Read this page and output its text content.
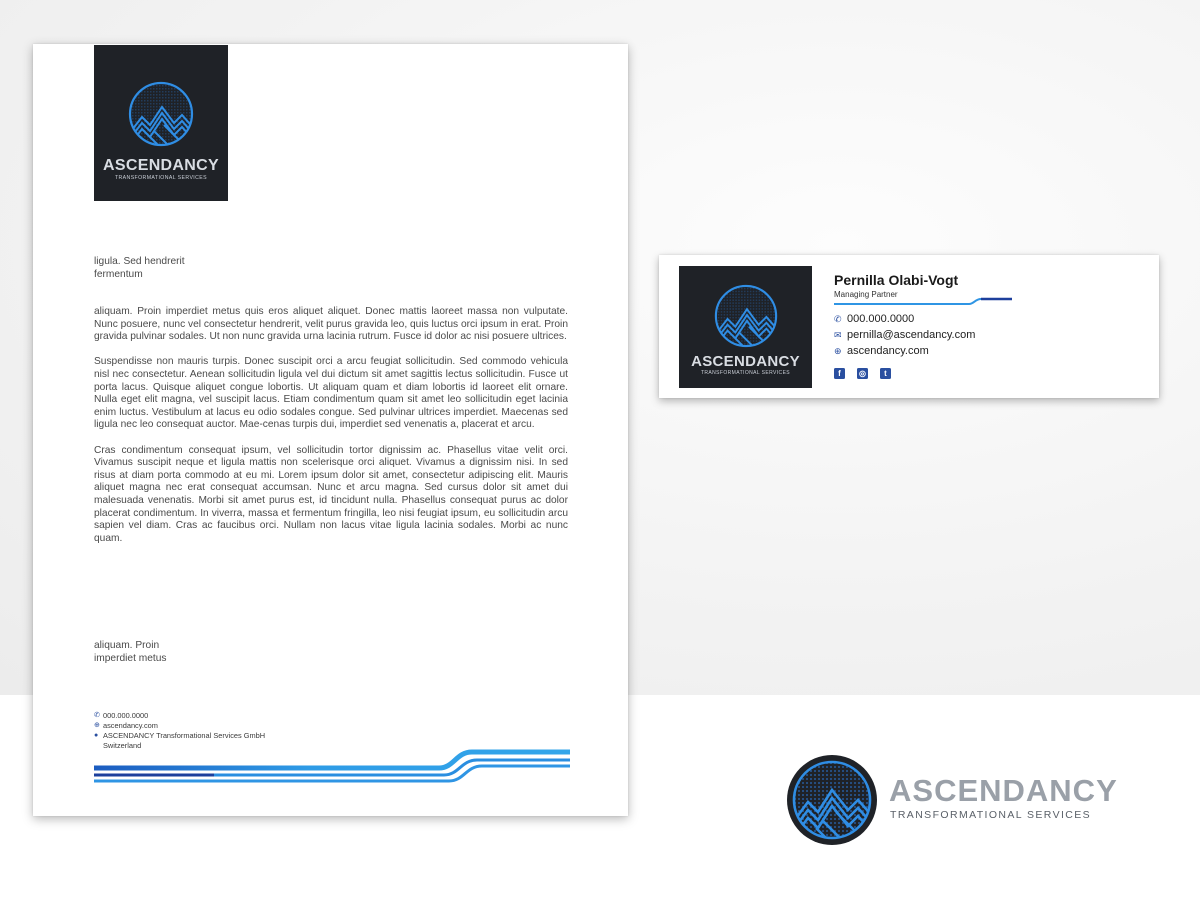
ASCENDANCY
TRANSFORMATIONAL SERVICES
ligula. Sed hendrerit
fermentum

aliquam. Proin imperdiet metus quis eros aliquet aliquet. Donec mattis laoreet massa non vulputate. Nunc posuere, nunc vel consectetur hendrerit, velit purus gravida leo, quis luctus orci ipsum in erat. Proin gravida pulvinar sodales. Ut non nunc gravida urna lacinia rutrum. Fusce id dolor ac nisi posuere ultrices.

Suspendisse non mauris turpis. Donec suscipit orci a arcu feugiat sollicitudin. Sed commodo vehicula nisl nec consectetur. Aenean sollicitudin ligula vel dui dictum sit amet sagittis lectus sollicitudin. Fusce ut porta lacus. Quisque aliquet congue lobortis. Ut aliquam quam et diam lobortis id laoreet elit ornare. Nulla eget elit magna, vel suscipit lacus. Etiam condimentum quam sit amet leo sollicitudin eget lacinia enim luctus. Vestibulum at lacus eu odio sodales congue. Sed pulvinar ultrices imperdiet. Maecenas sed ligula nec leo consequat auctor. Mae-cenas turpis dui, imperdiet sed venenatis a, placerat et arcu.

Cras condimentum consequat ipsum, vel sollicitudin tortor dignissim ac. Phasellus vitae velit orci. Vivamus suscipit neque et ligula mattis non scelerisque orci aliquet. Vivamus a dignissim nisi. In sed risus at diam porta commodo at eu mi. Lorem ipsum dolor sit amet, consectetur adipiscing elit. Mauris aliquet magna nec erat consequat accumsan. Nunc et arcu magna. Sed cursus dolor sit amet dui malesuada venenatis. Morbi sit amet purus est, id tincidunt nulla. Phasellus consequat purus ac dolor placerat condimentum. In viverra, massa et fermentum fringilla, leo nisi feugiat ipsum, eu sollicitudin arcu sapien vel diam. Cras ac faucibus orci. Nullam non lacus vitae ligula lacinia sodales. Morbi ac nunc quam.

aliquam. Proin
imperdiet metus
✆ 000.000.0000
⊕ ascendancy.com
● ASCENDANCY Transformational Services GmbH
Switzerland
ASCENDANCY
TRANSFORMATIONAL SERVICES
Pernilla Olabi-Vogt
Managing Partner
✆ 000.000.0000
✉ pernilla@ascendancy.com
⊕ ascendancy.com
f	◎	t
ASCENDANCY
TRANSFORMATIONAL SERVICES
